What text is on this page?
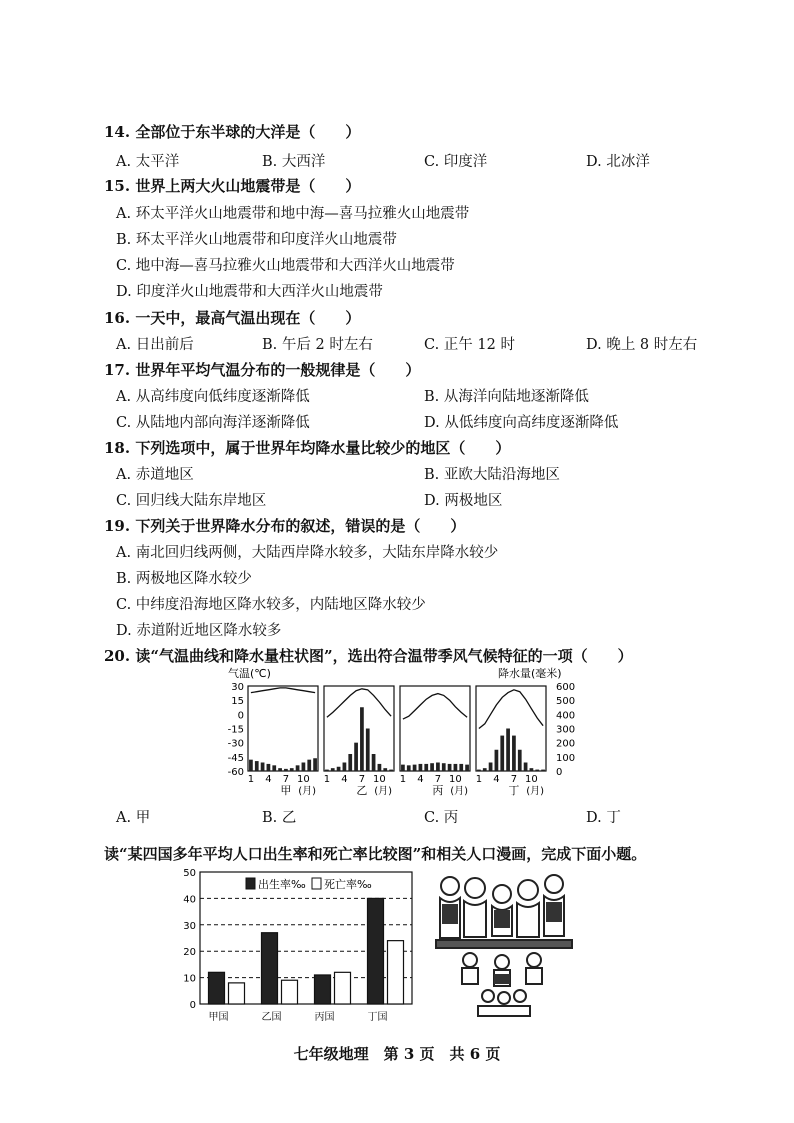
14. 全部位于东半球的大洋是（　　）
A. 太平洋	B. 大西洋	C. 印度洋	D. 北冰洋
15. 世界上两大火山地震带是（　　）
A. 环太平洋火山地震带和地中海—喜马拉雅火山地震带
B. 环太平洋火山地震带和印度洋火山地震带
C. 地中海—喜马拉雅火山地震带和大西洋火山地震带
D. 印度洋火山地震带和大西洋火山地震带
16. 一天中，最高气温出现在（　　）
A. 日出前后	B. 午后 2 时左右	C. 正午 12 时	D. 晚上 8 时左右
17. 世界年平均气温分布的一般规律是（　　）
A. 从高纬度向低纬度逐渐降低	B. 从海洋向陆地逐渐降低
C. 从陆地内部向海洋逐渐降低	D. 从低纬度向高纬度逐渐降低
18. 下列选项中，属于世界年均降水量比较少的地区（　　）
A. 赤道地区	B. 亚欧大陆沿海地区
C. 回归线大陆东岸地区	D. 两极地区
19. 下列关于世界降水分布的叙述，错误的是（　　）
A. 南北回归线两侧，大陆西岸降水较多，大陆东岸降水较少
B. 两极地区降水较少
C. 中纬度沿海地区降水较多，内陆地区降水较少
D. 赤道附近地区降水较多
20. 读“气温曲线和降水量柱状图”，选出符合温带季风气候特征的一项（　　）
气温(℃)	降水量(毫米)
30
15
0
-15
-30
-45
-60
600
500
400
300
200
100
0
1 4 7 10
甲 (月)
1 4 7 10
乙 (月)
1 4 7 10
丙 (月)
1 4 7 10
丁 (月)
A. 甲	B. 乙	C. 丙	D. 丁
读“某四国多年平均人口出生率和死亡率比较图”和相关人口漫画，完成下面小题。
0
10
20
30
40
50
甲国	乙国	丙国	丁国
出生率‰ 死亡率‰
七年级地理　第 3 页　共 6 页
